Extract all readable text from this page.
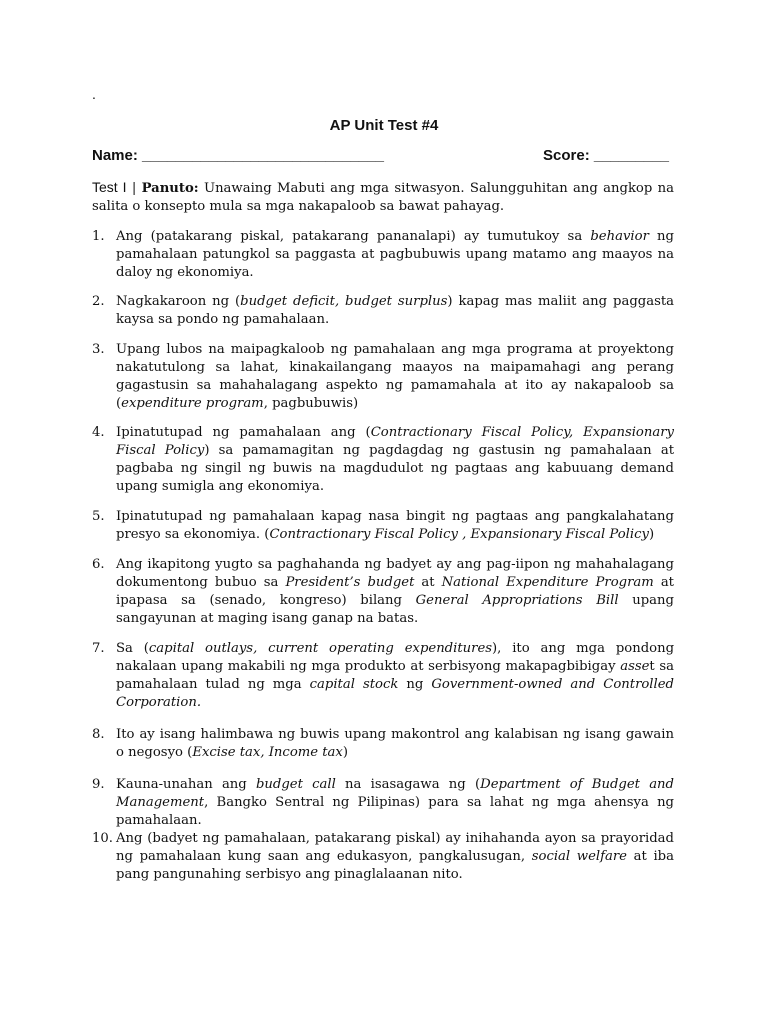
.
AP Unit Test #4
Name: _____________________________	Score: _________
Test I | Panuto: Unawaing Mabuti ang mga sitwasyon. Salungguhitan ang angkop na salita o konsepto mula sa mga nakapaloob sa bawat pahayag.
1. Ang (patakarang piskal, patakarang pananalapi) ay tumutukoy sa behavior ng pamahalaan patungkol sa paggasta at pagbubuwis upang matamo ang maayos na daloy ng ekonomiya.
2. Nagkakaroon ng (budget deficit, budget surplus) kapag mas maliit ang paggasta kaysa sa pondo ng pamahalaan.
3. Upang lubos na maipagkaloob ng pamahalaan ang mga programa at proyektong nakatutulong sa lahat, kinakailangang maayos na maipamahagi ang perang gagastusin sa mahahalagang aspekto ng pamamahala at ito ay nakapaloob sa (expenditure program, pagbubuwis)
4. Ipinatutupad ng pamahalaan ang (Contractionary Fiscal Policy, Expansionary Fiscal Policy) sa pamamagitan ng pagdagdag ng gastusin ng pamahalaan at pagbaba ng singil ng buwis na magdudulot ng pagtaas ang kabuuang demand upang sumigla ang ekonomiya.
5. Ipinatutupad ng pamahalaan kapag nasa bingit ng pagtaas ang pangkalahatang presyo sa ekonomiya. (Contractionary Fiscal Policy , Expansionary Fiscal Policy)
6. Ang ikapitong yugto sa paghahanda ng badyet ay ang pag-iipon ng mahahalagang dokumentong bubuo sa President’s budget at National Expenditure Program at ipapasa sa (senado, kongreso) bilang General Appropriations Bill upang sangayunan at maging isang ganap na batas.
7. Sa (capital outlays, current operating expenditures), ito ang mga pondong nakalaan upang makabili ng mga produkto at serbisyong makapagbibigay asset sa pamahalaan tulad ng mga capital stock ng Government-owned and Controlled Corporation.
8. Ito ay isang halimbawa ng buwis upang makontrol ang kalabisan ng isang gawain o negosyo (Excise tax, Income tax)
9. Kauna-unahan ang budget call na isasagawa ng (Department of Budget and Management, Bangko Sentral ng Pilipinas) para sa lahat ng mga ahensya ng pamahalaan.
10. Ang (badyet ng pamahalaan, patakarang piskal) ay inihahanda ayon sa prayoridad ng pamahalaan kung saan ang edukasyon, pangkalusugan, social welfare at iba pang pangunahing serbisyo ang pinaglalaanan nito.
